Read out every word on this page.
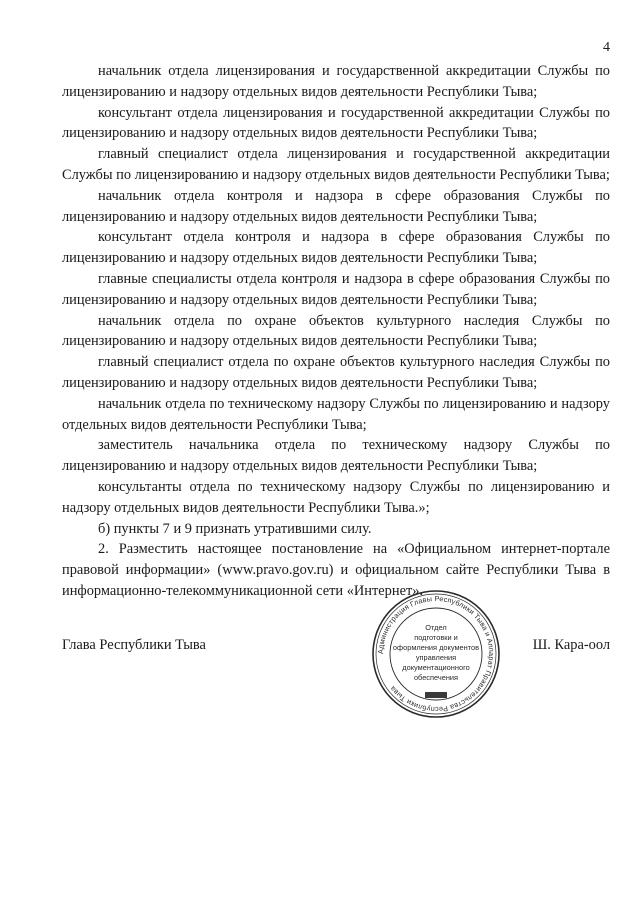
4

начальник отдела лицензирования и государственной аккредитации Службы по лицензированию и надзору отдельных видов деятельности Республики Тыва;

консультант отдела лицензирования и государственной аккредитации Службы по лицензированию и надзору отдельных видов деятельности Республики Тыва;

главный специалист отдела лицензирования и государственной аккредитации Службы по лицензированию и надзору отдельных видов деятельности Республики Тыва;

начальник отдела контроля и надзора в сфере образования Службы по лицензированию и надзору отдельных видов деятельности Республики Тыва;

консультант отдела контроля и надзора в сфере образования Службы по лицензированию и надзору отдельных видов деятельности Республики Тыва;

главные специалисты отдела контроля и надзора в сфере образования Службы по лицензированию и надзору отдельных видов деятельности Республики Тыва;

начальник отдела по охране объектов культурного наследия Службы по лицензированию и надзору отдельных видов деятельности Республики Тыва;

главный специалист отдела по охране объектов культурного наследия Службы по лицензированию и надзору отдельных видов деятельности Республики Тыва;

начальник отдела по техническому надзору Службы по лицензированию и надзору отдельных видов деятельности Республики Тыва;

заместитель начальника отдела по техническому надзору Службы по лицензированию и надзору отдельных видов деятельности Республики Тыва;

консультанты отдела по техническому надзору Службы по лицензированию и надзору отдельных видов деятельности Республики Тыва.»;

б) пункты 7 и 9 признать утратившими силу.

2. Разместить настоящее постановление на «Официальном интернет-портале правовой информации» (www.pravo.gov.ru) и официальном сайте Республики Тыва в информационно-телекоммуникационной сети «Интернет».

Глава Республики Тыва	Ш. Кара-оол
Администрация Главы Республики Тыва и Аппарат Правительства Республики Тыва
Отдел
подготовки и
оформления документов
управления
документационного
обеспечения
